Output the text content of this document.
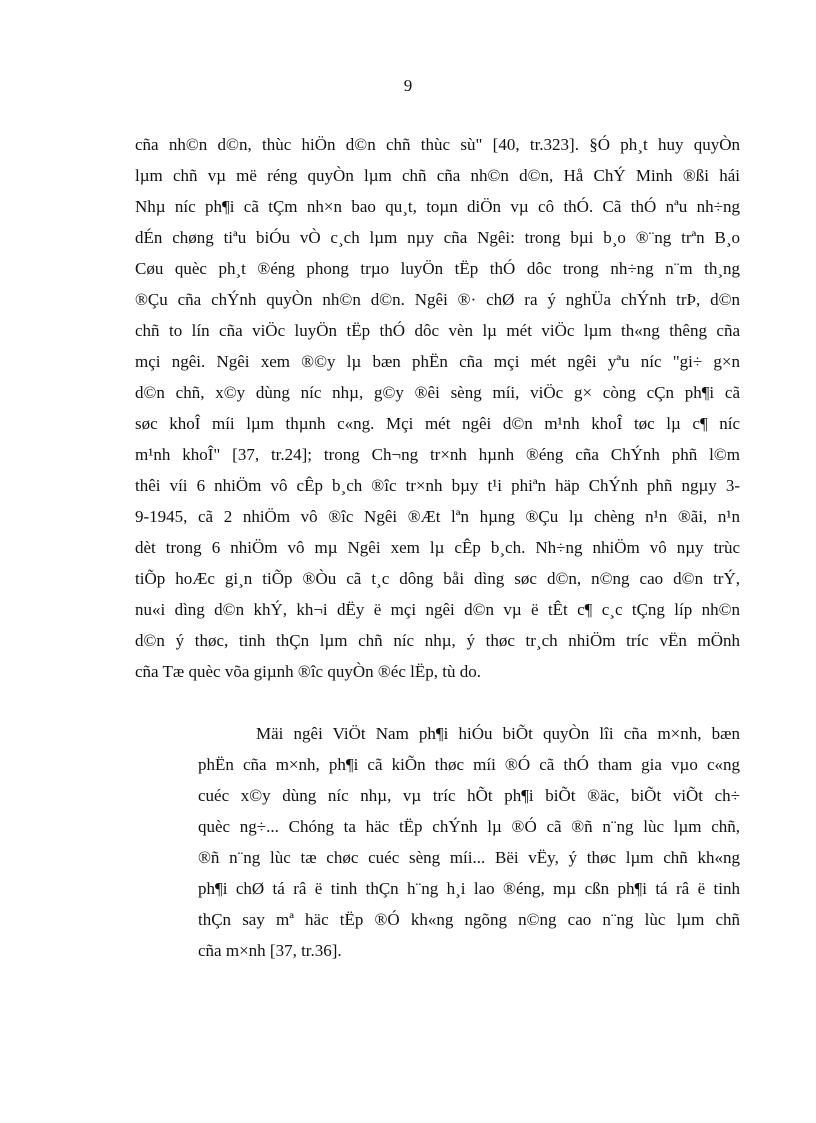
9
cña nh©n d©n, thùc hiÖn d©n chñ thùc sù" [40, tr.323]. §Ó ph¸t huy quyÒn
lµm chñ vµ më réng quyÒn lµm chñ cña nh©n d©n, Hå ChÝ Minh ®ßi hái
Nhµ níc ph¶i cã tÇm nh×n bao qu¸t, toµn diÖn vµ cô thÓ. Cã thÓ nªu nh÷ng
dÉn chøng tiªu biÓu vÒ c¸ch lµm nµy cña Ngêi: trong bµi b¸o ®¨ng trªn B¸o
Cøu quèc ph¸t ®éng phong trµo luyÖn tËp thÓ dôc trong nh÷ng n¨m th¸ng
®Çu cña chÝnh quyÒn nh©n d©n. Ngêi ®· chØ ra ý nghÜa chÝnh trÞ, d©n
chñ to lín cña viÖc luyÖn tËp thÓ dôc vèn lµ mét viÖc lµm th«ng thêng cña
mçi ngêi. Ngêi xem ®©y lµ bæn phËn cña mçi mét ngêi yªu níc "gi÷ g×n
d©n chñ, x©y dùng níc nhµ, g©y ®êi sèng míi, viÖc g× còng cÇn ph¶i cã
søc khoÎ míi lµm thµnh c«ng. Mçi mét ngêi d©n m¹nh khoÎ tøc lµ c¶ níc
m¹nh khoÎ" [37, tr.24]; trong Ch¬ng tr×nh hµnh ®éng cña ChÝnh phñ l©m
thêi víi 6 nhiÖm vô cÊp b¸ch ®îc tr×nh bµy t¹i phiªn häp ChÝnh phñ ngµy 3-
9-1945, cã 2 nhiÖm vô ®îc Ngêi ®Æt lªn hµng ®Çu lµ chèng n¹n ®ãi, n¹n
dèt trong 6 nhiÖm vô mµ Ngêi xem lµ cÊp b¸ch. Nh÷ng nhiÖm vô nµy trùc
tiÕp hoÆc gi¸n tiÕp ®Òu cã t¸c dông båi dìng søc d©n, n©ng cao d©n trÝ,
nu«i dìng d©n khÝ, kh¬i dËy ë mçi ngêi d©n vµ ë tÊt c¶ c¸c tÇng líp nh©n
d©n ý thøc, tinh thÇn lµm chñ níc nhµ, ý thøc tr¸ch nhiÖm tríc vËn mÖnh
cña Tæ quèc võa giµnh ®îc quyÒn ®éc lËp, tù do.
Mäi ngêi ViÖt Nam ph¶i hiÓu biÕt quyÒn lîi cña m×nh, bæn
phËn cña m×nh, ph¶i cã kiÕn thøc míi ®Ó cã thÓ tham gia vµo c«ng
cuéc x©y dùng níc nhµ, vµ tríc hÕt ph¶i biÕt ®äc, biÕt viÕt ch÷
quèc ng÷... Chóng ta häc tËp chÝnh lµ ®Ó cã ®ñ n¨ng lùc lµm chñ,
®ñ n¨ng lùc tæ chøc cuéc sèng míi... Bëi vËy, ý thøc lµm chñ kh«ng
ph¶i chØ tá râ ë tinh thÇn h¨ng h¸i lao ®éng, mµ cßn ph¶i tá râ ë tinh
thÇn say mª häc tËp ®Ó kh«ng ngõng n©ng cao n¨ng lùc lµm chñ
cña m×nh [37, tr.36].
